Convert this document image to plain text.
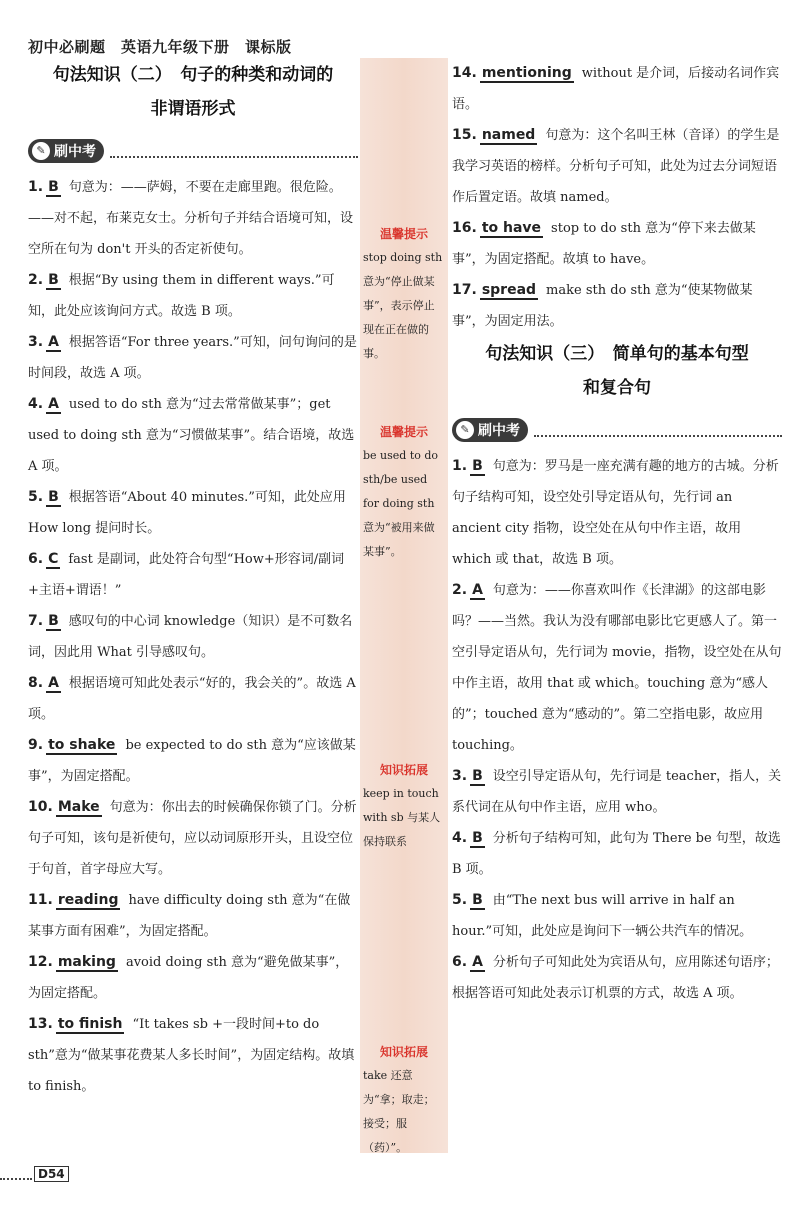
初中必刷题　英语九年级下册　课标版
句法知识（二）　句子的种类和动词的
非谓语形式
✎ 刷中考

1. B 句意为：——萨姆，不要在走廊里跑。很危险。——对不起，布莱克女士。分析句子并结合语境可知，设空所在句为 don't 开头的否定祈使句。

2. B 根据“By using them in different ways.”可知，此处应该询问方式。故选 B 项。

3. A 根据答语“For three years.”可知，问句询问的是时间段，故选 A 项。

4. A used to do sth 意为“过去常常做某事”；get used to doing sth 意为“习惯做某事”。结合语境，故选 A 项。

5. B 根据答语“About 40 minutes.”可知，此处应用 How long 提问时长。

6. C fast 是副词，此处符合句型“How+形容词/副词+主语+谓语！”

7. B 感叹句的中心词 knowledge（知识）是不可数名词，因此用 What 引导感叹句。

8. A 根据语境可知此处表示“好的，我会关的”。故选 A 项。

9. to shake be expected to do sth 意为“应该做某事”，为固定搭配。

10. Make 句意为：你出去的时候确保你锁了门。分析句子可知，该句是祈使句，应以动词原形开头，且设空位于句首，首字母应大写。

11. reading have difficulty doing sth 意为“在做某事方面有困难”，为固定搭配。

12. making avoid doing sth 意为“避免做某事”，为固定搭配。

13. to finish “It takes sb +一段时间+to do sth”意为“做某事花费某人多长时间”，为固定结构。故填 to finish。

温馨提示
stop doing sth 意为“停止做某事”，表示停止现在正在做的事。
温馨提示
be used to do sth/be used for doing sth 意为“被用来做某事”。
知识拓展
keep in touch with sb 与某人保持联系
知识拓展
take 还意为“拿；取走；接受；服（药）”。

14. mentioning without 是介词，后接动名词作宾语。

15. named 句意为：这个名叫王林（音译）的学生是我学习英语的榜样。分析句子可知，此处为过去分词短语作后置定语。故填 named。

16. to have stop to do sth 意为“停下来去做某事”，为固定搭配。故填 to have。

17. spread make sth do sth 意为“使某物做某事”，为固定用法。

句法知识（三）　简单句的基本句型
和复合句
✎ 刷中考

1. B 句意为：罗马是一座充满有趣的地方的古城。分析句子结构可知，设空处引导定语从句，先行词 an ancient city 指物，设空处在从句中作主语，故用 which 或 that，故选 B 项。

2. A 句意为：——你喜欢叫作《长津湖》的这部电影吗？——当然。我认为没有哪部电影比它更感人了。第一空引导定语从句，先行词为 movie，指物，设空处在从句中作主语，故用 that 或 which。touching 意为“感人的”；touched 意为“感动的”。第二空指电影，故应用 touching。

3. B 设空引导定语从句，先行词是 teacher，指人，关系代词在从句中作主语，应用 who。

4. B 分析句子结构可知，此句为 There be 句型，故选 B 项。

5. B 由“The next bus will arrive in half an hour.”可知，此处应是询问下一辆公共汽车的情况。

6. A 分析句子可知此处为宾语从句，应用陈述句语序；根据答语可知此处表示订机票的方式，故选 A 项。

D54
